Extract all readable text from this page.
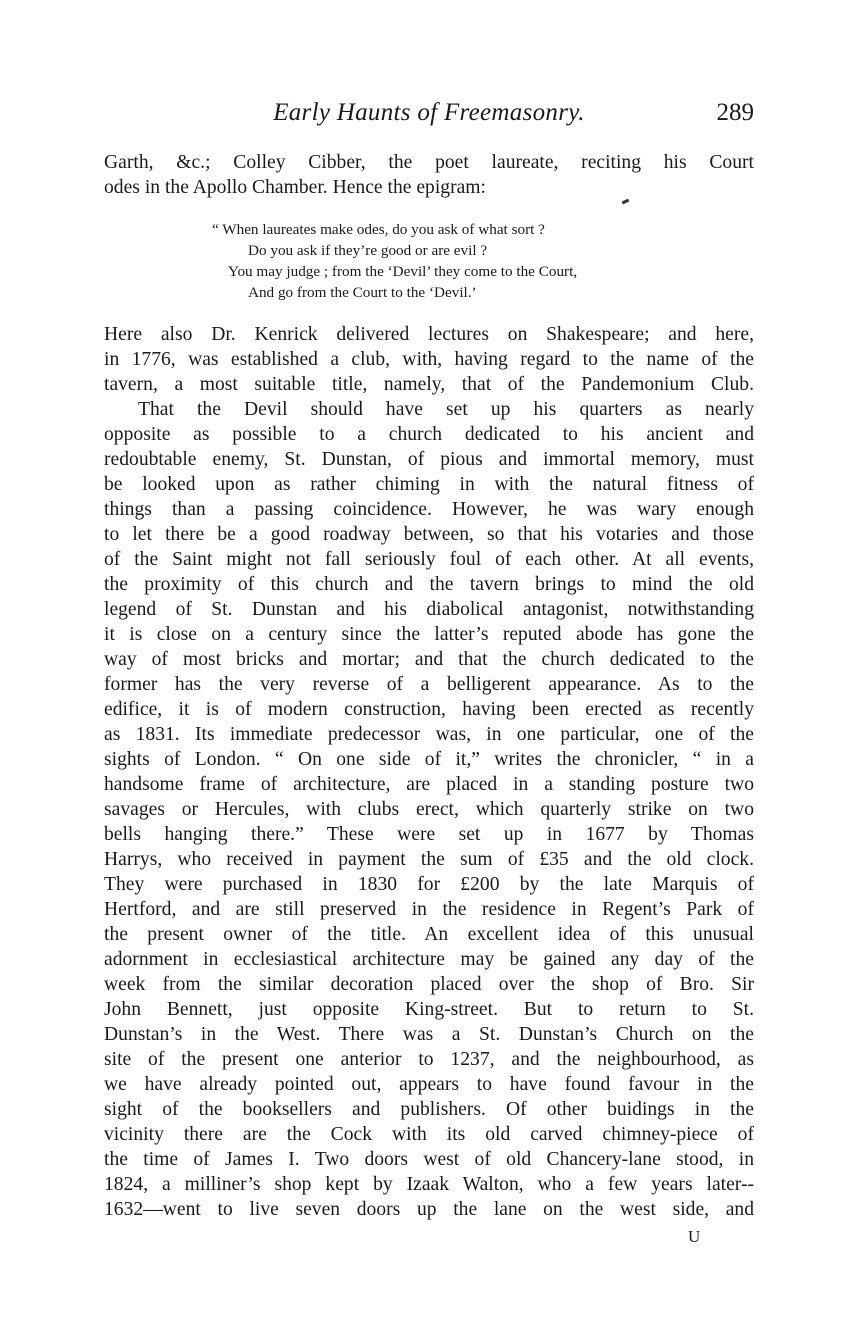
Early Haunts of Freemasonry.	289
Garth, &c.; Colley Cibber, the poet laureate, reciting his Court
odes in the Apollo Chamber. Hence the epigram:
“ When laureates make odes, do you ask of what sort ?
Do you ask if they’re good or are evil ?
You may judge ; from the ‘Devil’ they come to the Court,
And go from the Court to the ‘Devil.’
Here also Dr. Kenrick delivered lectures on Shakespeare; and here,
in 1776, was established a club, with, having regard to the name of the
tavern, a most suitable title, namely, that of the Pandemonium Club.
That the Devil should have set up his quarters as nearly
opposite as possible to a church dedicated to his ancient and
redoubtable enemy, St. Dunstan, of pious and immortal memory, must
be looked upon as rather chiming in with the natural fitness of
things than a passing coincidence. However, he was wary enough
to let there be a good roadway between, so that his votaries and those
of the Saint might not fall seriously foul of each other. At all events,
the proximity of this church and the tavern brings to mind the old
legend of St. Dunstan and his diabolical antagonist, notwithstanding
it is close on a century since the latter’s reputed abode has gone the
way of most bricks and mortar; and that the church dedicated to the
former has the very reverse of a belligerent appearance. As to the
edifice, it is of modern construction, having been erected as recently
as 1831. Its immediate predecessor was, in one particular, one of the
sights of London. “ On one side of it,” writes the chronicler, “ in a
handsome frame of architecture, are placed in a standing posture two
savages or Hercules, with clubs erect, which quarterly strike on two
bells hanging there.” These were set up in 1677 by Thomas
Harrys, who received in payment the sum of £35 and the old clock.
They were purchased in 1830 for £200 by the late Marquis of
Hertford, and are still preserved in the residence in Regent’s Park of
the present owner of the title. An excellent idea of this unusual
adornment in ecclesiastical architecture may be gained any day of the
week from the similar decoration placed over the shop of Bro. Sir
John Bennett, just opposite King-street. But to return to St.
Dunstan’s in the West. There was a St. Dunstan’s Church on the
site of the present one anterior to 1237, and the neighbourhood, as
we have already pointed out, appears to have found favour in the
sight of the booksellers and publishers. Of other buidings in the
vicinity there are the Cock with its old carved chimney-piece of
the time of James I. Two doors west of old Chancery-lane stood, in
1824, a milliner’s shop kept by Izaak Walton, who a few years later--
1632—went to live seven doors up the lane on the west side, and
U
